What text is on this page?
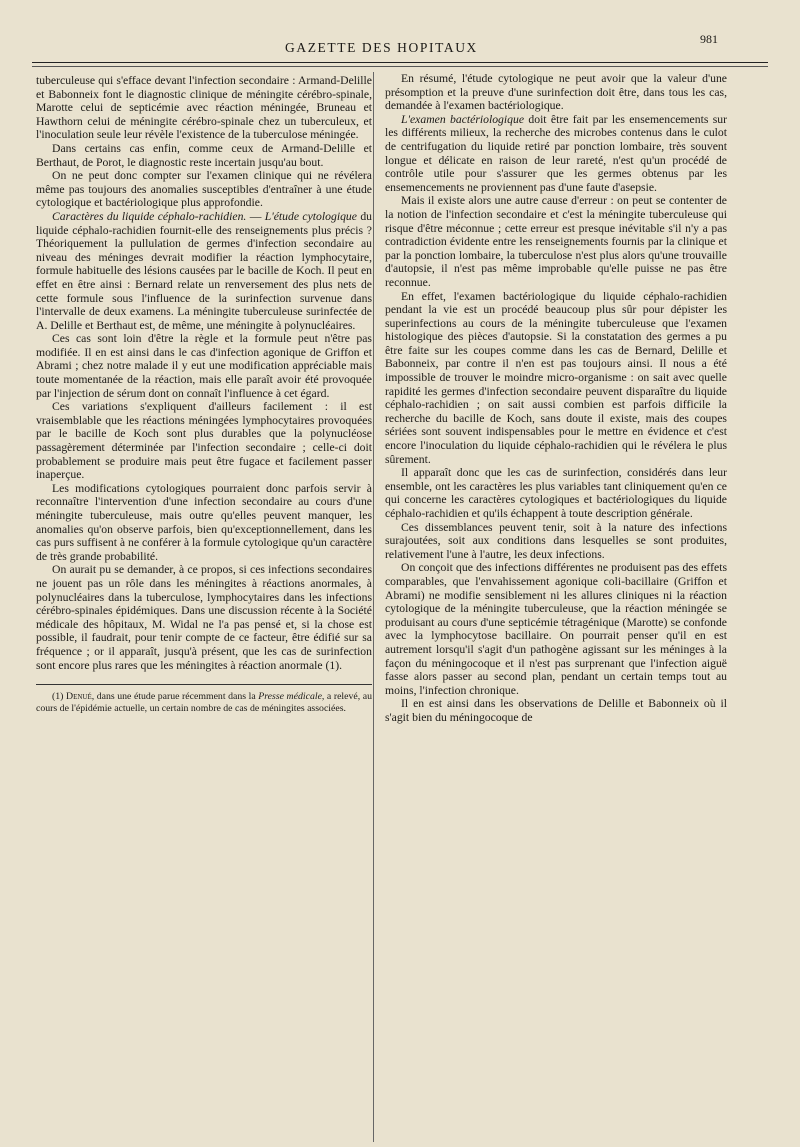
GAZETTE DES HOPITAUX
981

tuberculeuse qui s'efface devant l'infection secondaire : Armand-Delille et Babonneix font le diagnostic clinique de méningite cérébro-spinale, Marotte celui de septicémie avec réaction méningée, Bruneau et Hawthorn celui de méningite cérébro-spinale chez un tuberculeux, et l'inoculation seule leur révèle l'existence de la tuberculose méningée.

Dans certains cas enfin, comme ceux de Armand-Delille et Berthaut, de Porot, le diagnostic reste incertain jusqu'au bout.

On ne peut donc compter sur l'examen clinique qui ne révélera même pas toujours des anomalies susceptibles d'entraîner à une étude cytologique et bactériologique plus approfondie.

Caractères du liquide céphalo-rachidien. — L'étude cytologique du liquide céphalo-rachidien fournit-elle des renseignements plus précis ? Théoriquement la pullulation de germes d'infection secondaire au niveau des méninges devrait modifier la réaction lymphocytaire, formule habituelle des lésions causées par le bacille de Koch. Il peut en effet en être ainsi : Bernard relate un renversement des plus nets de cette formule sous l'influence de la surinfection survenue dans l'intervalle de deux examens. La méningite tuberculeuse surinfectée de A. Delille et Berthaut est, de même, une méningite à polynucléaires.

Ces cas sont loin d'être la règle et la formule peut n'être pas modifiée. Il en est ainsi dans le cas d'infection agonique de Griffon et Abrami ; chez notre malade il y eut une modification appréciable mais toute momentanée de la réaction, mais elle paraît avoir été provoquée par l'injection de sérum dont on connaît l'influence à cet égard.

Ces variations s'expliquent d'ailleurs facilement : il est vraisemblable que les réactions méningées lymphocytaires provoquées par le bacille de Koch sont plus durables que la polynucléose passagèrement déterminée par l'infection secondaire ; celle-ci doit probablement se produire mais peut être fugace et facilement passer inaperçue.

Les modifications cytologiques pourraient donc parfois servir à reconnaître l'intervention d'une infection secondaire au cours d'une méningite tuberculeuse, mais outre qu'elles peuvent manquer, les anomalies qu'on observe parfois, bien qu'exceptionnellement, dans les cas purs suffisent à ne conférer à la formule cytologique qu'un caractère de très grande probabilité.

On aurait pu se demander, à ce propos, si ces infections secondaires ne jouent pas un rôle dans les méningites à réactions anormales, à polynucléaires dans la tuberculose, lymphocytaires dans les infections cérébro-spinales épidémiques. Dans une discussion récente à la Société médicale des hôpitaux, M. Widal ne l'a pas pensé et, si la chose est possible, il faudrait, pour tenir compte de ce facteur, être édifié sur sa fréquence ; or il apparaît, jusqu'à présent, que les cas de surinfection sont encore plus rares que les méningites à réaction anormale (1).

(1) Denué, dans une étude parue récemment dans la Presse médicale, a relevé, au cours de l'épidémie actuelle, un certain nombre de cas de méningites associées.

En résumé, l'étude cytologique ne peut avoir que la valeur d'une présomption et la preuve d'une surinfection doit être, dans tous les cas, demandée à l'examen bactériologique.

L'examen bactériologique doit être fait par les ensemencements sur les différents milieux, la recherche des microbes contenus dans le culot de centrifugation du liquide retiré par ponction lombaire, très souvent longue et délicate en raison de leur rareté, n'est qu'un procédé de contrôle utile pour s'assurer que les germes obtenus par les ensemencements ne proviennent pas d'une faute d'asepsie.

Mais il existe alors une autre cause d'erreur : on peut se contenter de la notion de l'infection secondaire et c'est la méningite tuberculeuse qui risque d'être méconnue ; cette erreur est presque inévitable s'il n'y a pas contradiction évidente entre les renseignements fournis par la clinique et par la ponction lombaire, la tuberculose n'est plus alors qu'une trouvaille d'autopsie, il n'est pas même improbable qu'elle puisse ne pas être reconnue.

En effet, l'examen bactériologique du liquide céphalo-rachidien pendant la vie est un procédé beaucoup plus sûr pour dépister les superinfections au cours de la méningite tuberculeuse que l'examen histologique des pièces d'autopsie. Si la constatation des germes a pu être faite sur les coupes comme dans les cas de Bernard, Delille et Babonneix, par contre il n'en est pas toujours ainsi. Il nous a été impossible de trouver le moindre micro-organisme : on sait avec quelle rapidité les germes d'infection secondaire peuvent disparaître du liquide céphalo-rachidien ; on sait aussi combien est parfois difficile la recherche du bacille de Koch, sans doute il existe, mais des coupes sériées sont souvent indispensables pour le mettre en évidence et c'est encore l'inoculation du liquide céphalo-rachidien qui le révélera le plus sûrement.

Il apparaît donc que les cas de surinfection, considérés dans leur ensemble, ont les caractères les plus variables tant cliniquement qu'en ce qui concerne les caractères cytologiques et bactériologiques du liquide céphalo-rachidien et qu'ils échappent à toute description générale.

Ces dissemblances peuvent tenir, soit à la nature des infections surajoutées, soit aux conditions dans lesquelles se sont produites, relativement l'une à l'autre, les deux infections.

On conçoit que des infections différentes ne produisent pas des effets comparables, que l'envahissement agonique coli-bacillaire (Griffon et Abrami) ne modifie sensiblement ni les allures cliniques ni la réaction cytologique de la méningite tuberculeuse, que la réaction méningée se produisant au cours d'une septicémie tétragénique (Marotte) se confonde avec la lymphocytose bacillaire. On pourrait penser qu'il en est autrement lorsqu'il s'agit d'un pathogène agissant sur les méninges à la façon du méningocoque et il n'est pas surprenant que l'infection aiguë fasse alors passer au second plan, pendant un certain temps tout au moins, l'infection chronique.

Il en est ainsi dans les observations de Delille et Babonneix où il s'agit bien du méningocoque de
